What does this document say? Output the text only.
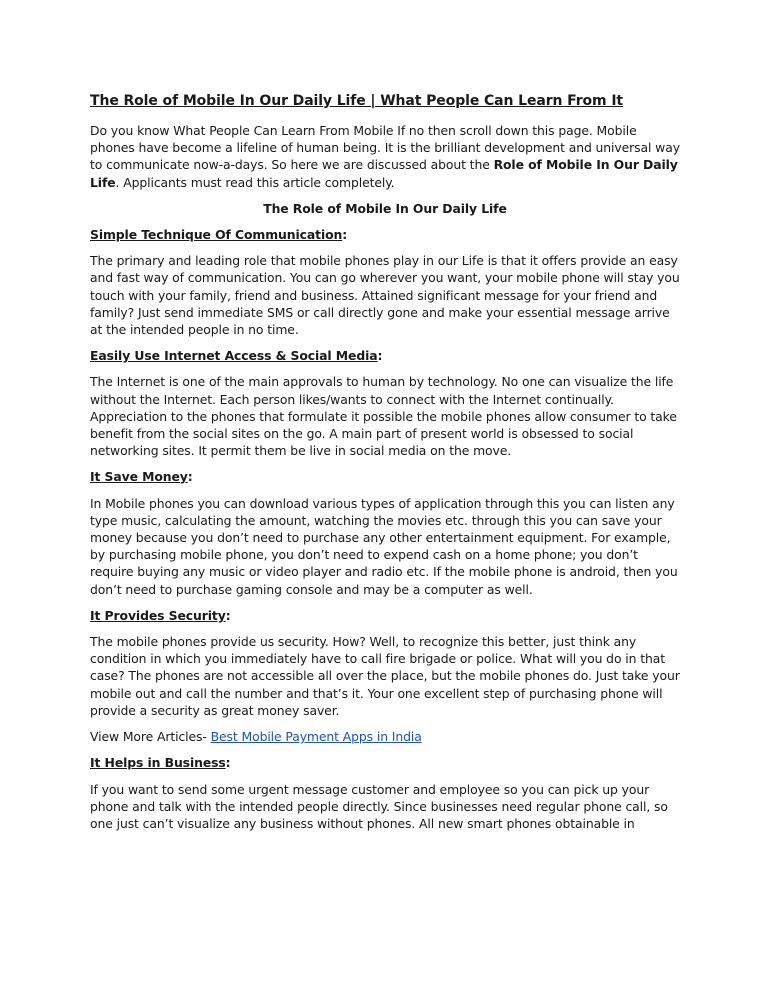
The Role of Mobile In Our Daily Life | What People Can Learn From It

Do you know What People Can Learn From Mobile If no then scroll down this page. Mobile phones have become a lifeline of human being. It is the brilliant development and universal way to communicate now-a-days. So here we are discussed about the Role of Mobile In Our Daily Life. Applicants must read this article completely.

The Role of Mobile In Our Daily Life

Simple Technique Of Communication:

The primary and leading role that mobile phones play in our Life is that it offers provide an easy and fast way of communication. You can go wherever you want, your mobile phone will stay you touch with your family, friend and business. Attained significant message for your friend and family? Just send immediate SMS or call directly gone and make your essential message arrive at the intended people in no time.

Easily Use Internet Access & Social Media:

The Internet is one of the main approvals to human by technology. No one can visualize the life without the Internet. Each person likes/wants to connect with the Internet continually. Appreciation to the phones that formulate it possible the mobile phones allow consumer to take benefit from the social sites on the go. A main part of present world is obsessed to social networking sites. It permit them be live in social media on the move.

It Save Money:

In Mobile phones you can download various types of application through this you can listen any type music, calculating the amount, watching the movies etc. through this you can save your money because you don’t need to purchase any other entertainment equipment. For example, by purchasing mobile phone, you don’t need to expend cash on a home phone; you don’t require buying any music or video player and radio etc. If the mobile phone is android, then you don’t need to purchase gaming console and may be a computer as well.

It Provides Security:

The mobile phones provide us security. How? Well, to recognize this better, just think any condition in which you immediately have to call fire brigade or police. What will you do in that case? The phones are not accessible all over the place, but the mobile phones do. Just take your mobile out and call the number and that’s it. Your one excellent step of purchasing phone will provide a security as great money saver.

View More Articles- Best Mobile Payment Apps in India

It Helps in Business:

If you want to send some urgent message customer and employee so you can pick up your phone and talk with the intended people directly. Since businesses need regular phone call, so one just can’t visualize any business without phones. All new smart phones obtainable in
